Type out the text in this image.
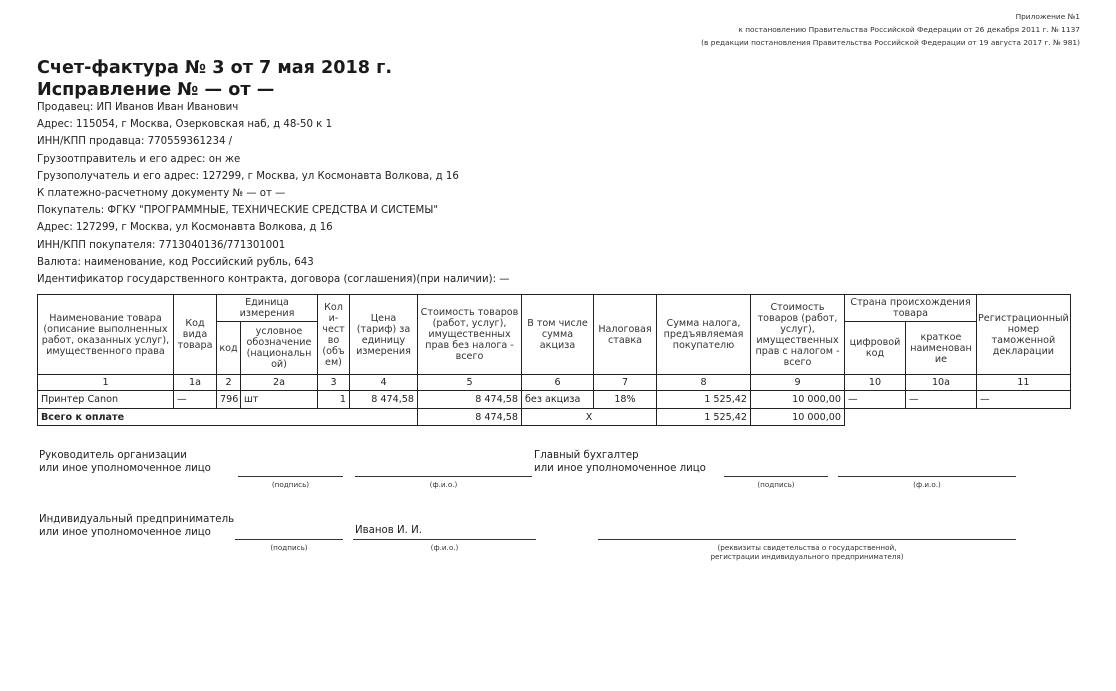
Приложение №1
к постановлению Правительства Российской Федерации от 26 декабря 2011 г. № 1137
(в редакции постановления Правительства Российской Федерации от 19 августа 2017 г. № 981)
Счет-фактура № 3 от 7 мая 2018 г.
Исправление № — от —
Продавец: ИП Иванов Иван Иванович
Адрес: 115054, г Москва, Озерковская наб, д 48-50 к 1
ИНН/КПП продавца: 770559361234 /
Грузоотправитель и его адрес: он же
Грузополучатель и его адрес: 127299, г Москва, ул Космонавта Волкова, д 16
К платежно-расчетному документу № — от —
Покупатель: ФГКУ "ПРОГРАММНЫЕ, ТЕХНИЧЕСКИЕ СРЕДСТВА И СИСТЕМЫ"
Адрес: 127299, г Москва, ул Космонавта Волкова, д 16
ИНН/КПП покупателя: 7713040136/771301001
Валюта: наименование, код Российский рубль, 643
Идентификатор государственного контракта, договора (соглашения)(при наличии): —
Наименование товара (описание выполненных работ, оказанных услуг), имущественного права	Код вида товара	Единица измерения		Кол и- чест во (объ ем)	Цена (тариф) за единицу измерения	Стоимость товаров (работ, услуг), имущественных прав без налога - всего	В том числе сумма акциза	Налоговая ставка	Сумма налога, предъявляемая покупателю	Стоимость товаров (работ, услуг), имущественных прав с налогом - всего	Страна происхождения товара		Регистрационный номер таможенной декларации
		код	условное обозначение (национальн ой)								цифровой код	краткое наименован ие	
1	1а	2	2а	3	4	5	6	7	8	9	10	10а	11
Принтер Canon	—	796	шт	1	8 474,58	8 474,58	без акциза	18%	1 525,42	10 000,00	—	—	—
Всего к оплате						8 474,58	X		1 525,42	10 000,00			
Руководитель организации
или иное уполномоченное лицо
(подпись)	(ф.и.о.)
Главный бухгалтер
или иное уполномоченное лицо
(подпись)	(ф.и.о.)
Индивидуальный предприниматель
или иное уполномоченное лицо
(подпись)
Иванов И. И.
(ф.и.о.)	(реквизиты свидетельства о государственной,
регистрации индивидуального предпринимателя)
